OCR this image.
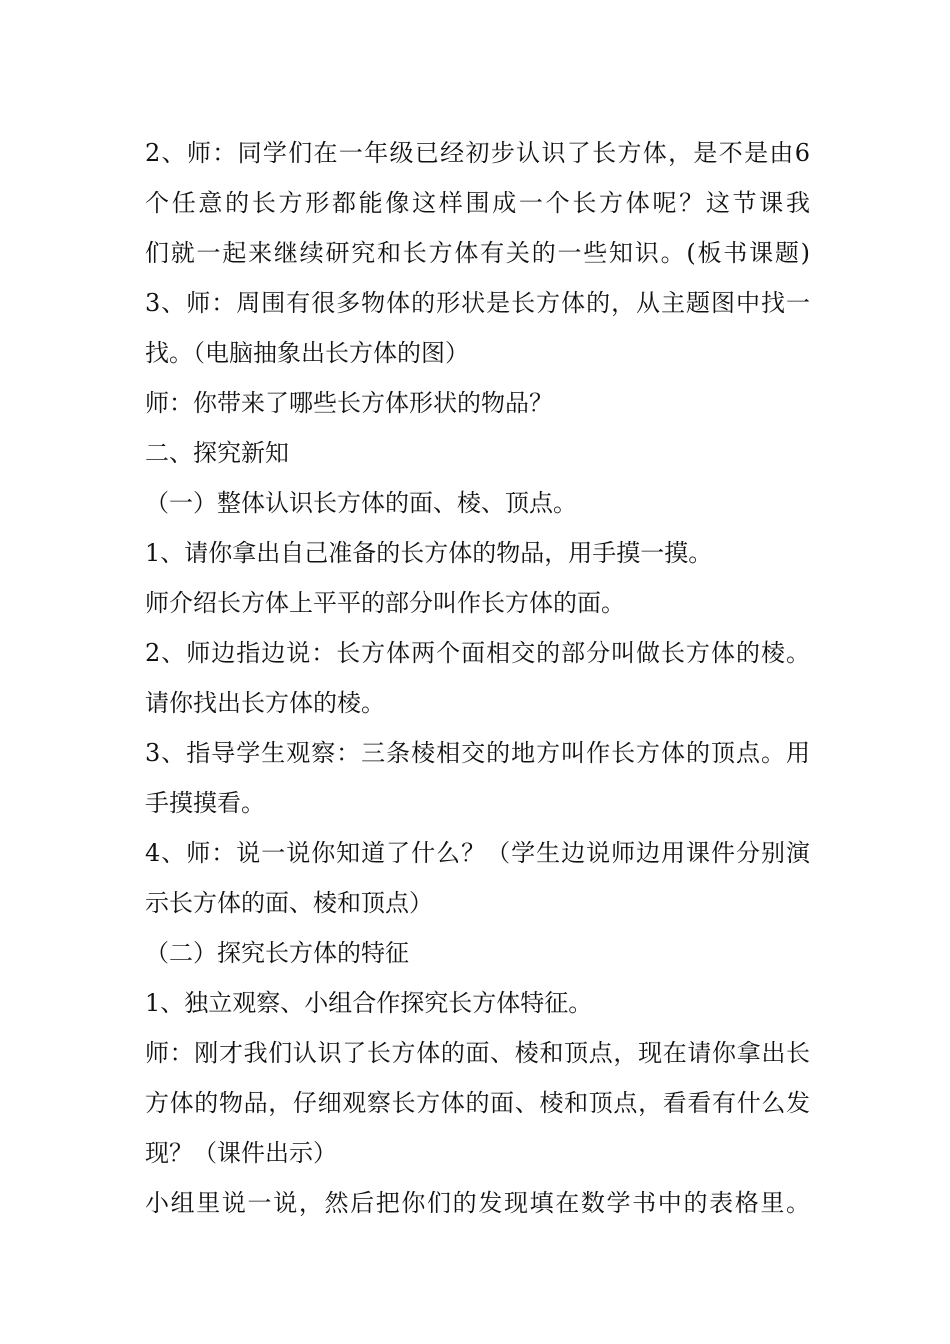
2、师：同学们在一年级已经初步认识了长方体，是不是由6
个任意的长方形都能像这样围成一个长方体呢？这节课我
们就一起来继续研究和长方体有关的一些知识。(板书课题)
3、师：周围有很多物体的形状是长方体的，从主题图中找一
找。（电脑抽象出长方体的图）
师：你带来了哪些长方体形状的物品？
二、探究新知
（一）整体认识长方体的面、棱、顶点。
1、请你拿出自己准备的长方体的物品，用手摸一摸。
师介绍长方体上平平的部分叫作长方体的面。
2、师边指边说：长方体两个面相交的部分叫做长方体的棱。
请你找出长方体的棱。
3、指导学生观察：三条棱相交的地方叫作长方体的顶点。用
手摸摸看。
4、师：说一说你知道了什么？（学生边说师边用课件分别演
示长方体的面、棱和顶点）
（二）探究长方体的特征
1、独立观察、小组合作探究长方体特征。
师：刚才我们认识了长方体的面、棱和顶点，现在请你拿出长
方体的物品，仔细观察长方体的面、棱和顶点，看看有什么发
现？（课件出示）
小组里说一说，然后把你们的发现填在数学书中的表格里。
